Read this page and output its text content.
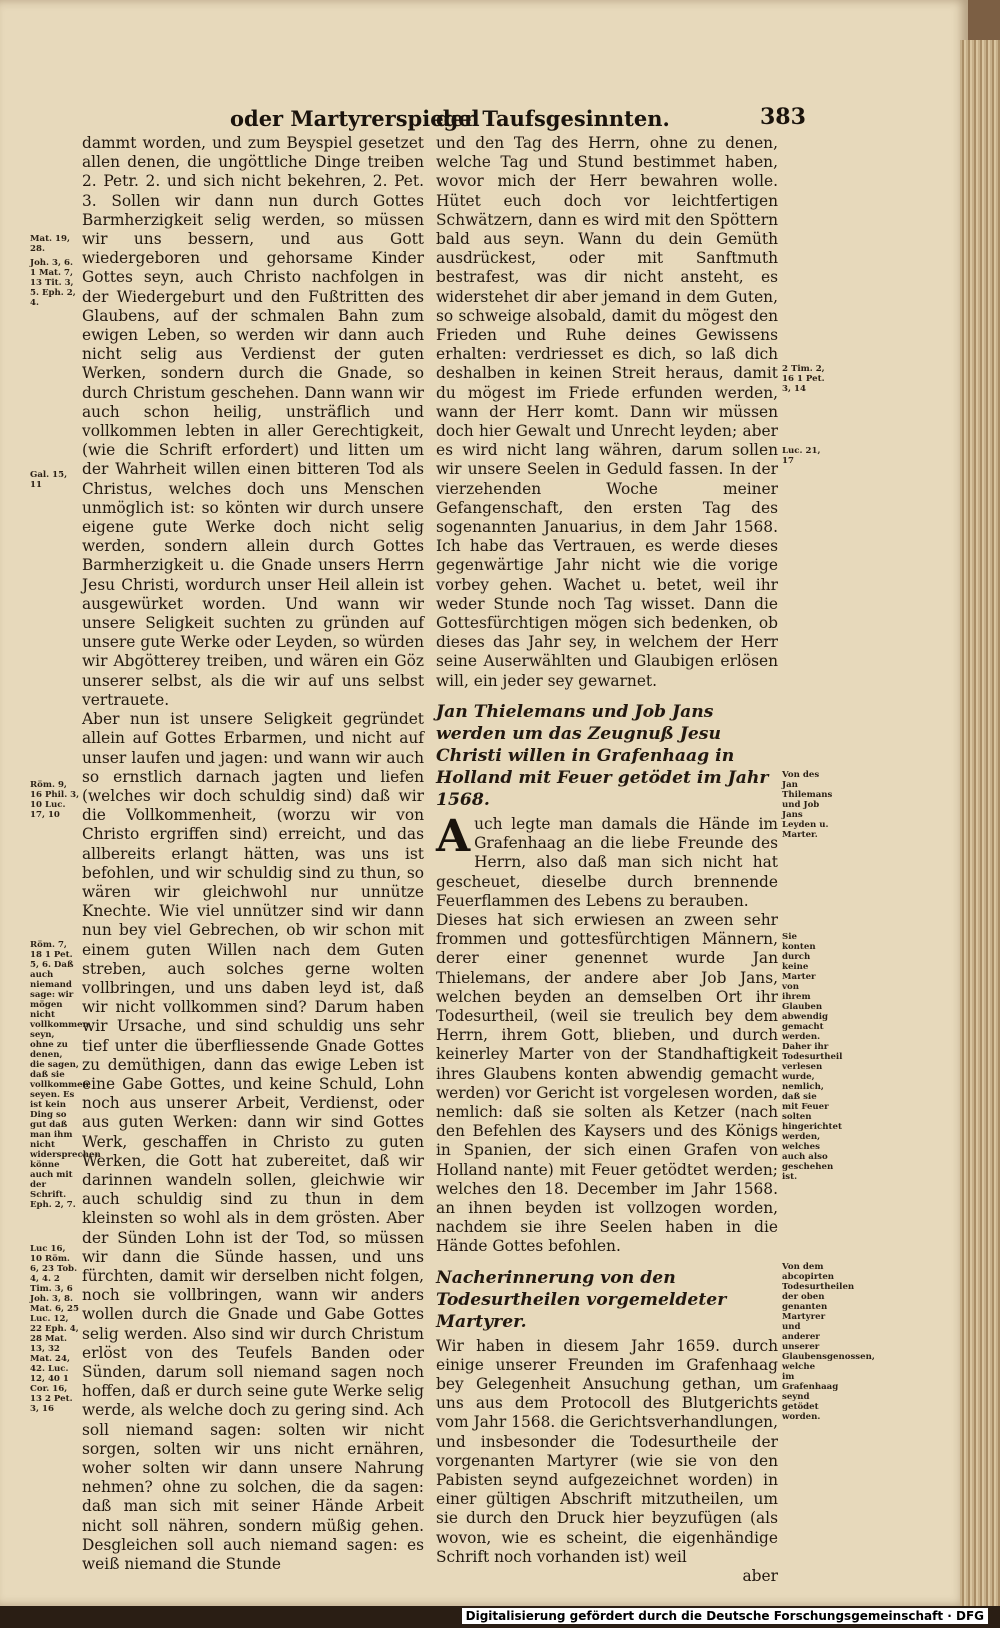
oder Martyrerspiegel
der Taufsgesinnten.	383

dammt worden, und zum Beyspiel gesetzet allen denen, die ungöttliche Dinge treiben 2. Petr. 2. und sich nicht bekehren, 2. Pet. 3. Sollen wir dann nun durch Gottes Barmherzigkeit selig werden, so müssen wir uns bessern, und aus Gott wiedergeboren und gehorsame Kinder Gottes seyn, auch Christo nachfolgen in der Wiedergeburt und den Fußtritten des Glaubens, auf der schmalen Bahn zum ewigen Leben, so werden wir dann auch nicht selig aus Verdienst der guten Werken, sondern durch die Gnade, so durch Christum geschehen. Dann wann wir auch schon heilig, unsträflich und vollkommen lebten in aller Gerechtigkeit, (wie die Schrift erfordert) und litten um der Wahrheit willen einen bitteren Tod als Christus, welches doch uns Menschen unmöglich ist: so könten wir durch unsere eigene gute Werke doch nicht selig werden, sondern allein durch Gottes Barmherzigkeit u. die Gnade unsers Herrn Jesu Christi, wordurch unser Heil allein ist ausgewürket worden. Und wann wir unsere Seligkeit suchten zu gründen auf unsere gute Werke oder Leyden, so würden wir Abgötterey treiben, und wären ein Göz unserer selbst, als die wir auf uns selbst vertrauete.

Aber nun ist unsere Seligkeit gegründet allein auf Gottes Erbarmen, und nicht auf unser laufen und jagen: und wann wir auch so ernstlich darnach jagten und liefen (welches wir doch schuldig sind) daß wir die Vollkommenheit, (worzu wir von Christo ergriffen sind) erreicht, und das allbereits erlangt hätten, was uns ist befohlen, und wir schuldig sind zu thun, so wären wir gleichwohl nur unnütze Knechte. Wie viel unnützer sind wir dann nun bey viel Gebrechen, ob wir schon mit einem guten Willen nach dem Guten streben, auch solches gerne wolten vollbringen, und uns daben leyd ist, daß wir nicht vollkommen sind? Darum haben wir Ursache, und sind schuldig uns sehr tief unter die überfliessende Gnade Gottes zu demüthigen, dann das ewige Leben ist eine Gabe Gottes, und keine Schuld, Lohn noch aus unserer Arbeit, Verdienst, oder aus guten Werken: dann wir sind Gottes Werk, geschaffen in Christo zu guten Werken, die Gott hat zubereitet, daß wir darinnen wandeln sollen, gleichwie wir auch schuldig sind zu thun in dem kleinsten so wohl als in dem grösten. Aber der Sünden Lohn ist der Tod, so müssen wir dann die Sünde hassen, und uns fürchten, damit wir derselben nicht folgen, noch sie vollbringen, wann wir anders wollen durch die Gnade und Gabe Gottes selig werden. Also sind wir durch Christum erlöst von des Teufels Banden oder Sünden, darum soll niemand sagen noch hoffen, daß er durch seine gute Werke selig werde, als welche doch zu gering sind. Ach soll niemand sagen: solten wir nicht sorgen, solten wir uns nicht ernähren, woher solten wir dann unsere Nahrung nehmen? ohne zu solchen, die da sagen: daß man sich mit seiner Hände Arbeit nicht soll nähren, sondern müßig gehen. Desgleichen soll auch niemand sagen: es weiß niemand die Stunde

und den Tag des Herrn, ohne zu denen, welche Tag und Stund bestimmet haben, wovor mich der Herr bewahren wolle. Hütet euch doch vor leichtfertigen Schwätzern, dann es wird mit den Spöttern bald aus seyn. Wann du dein Gemüth ausdrückest, oder mit Sanftmuth bestrafest, was dir nicht ansteht, es widerstehet dir aber jemand in dem Guten, so schweige alsobald, damit du mögest den Frieden und Ruhe deines Gewissens erhalten: verdriesset es dich, so laß dich deshalben in keinen Streit heraus, damit du mögest im Friede erfunden werden, wann der Herr komt. Dann wir müssen doch hier Gewalt und Unrecht leyden; aber es wird nicht lang währen, darum sollen wir unsere Seelen in Geduld fassen. In der vierzehenden Woche meiner Gefangenschaft, den ersten Tag des sogenannten Januarius, in dem Jahr 1568. Ich habe das Vertrauen, es werde dieses gegenwärtige Jahr nicht wie die vorige vorbey gehen. Wachet u. betet, weil ihr weder Stunde noch Tag wisset. Dann die Gottesfürchtigen mögen sich bedenken, ob dieses das Jahr sey, in welchem der Herr seine Auserwählten und Glaubigen erlösen will, ein jeder sey gewarnet.

Jan Thielemans und Job Jans werden um das Zeugnuß Jesu Christi willen in Grafenhaag in Holland mit Feuer getödet im Jahr 1568.

Auch legte man damals die Hände im Grafenhaag an die liebe Freunde des Herrn, also daß man sich nicht hat gescheuet, dieselbe durch brennende Feuerflammen des Lebens zu berauben.

Dieses hat sich erwiesen an zween sehr frommen und gottesfürchtigen Männern, derer einer genennet wurde Jan Thielemans, der andere aber Job Jans, welchen beyden an demselben Ort ihr Todesurtheil, (weil sie treulich bey dem Herrn, ihrem Gott, blieben, und durch keinerley Marter von der Standhaftigkeit ihres Glaubens konten abwendig gemacht werden) vor Gericht ist vorgelesen worden, nemlich: daß sie solten als Ketzer (nach den Befehlen des Kaysers und des Königs in Spanien, der sich einen Grafen von Holland nante) mit Feuer getödtet werden; welches den 18. December im Jahr 1568. an ihnen beyden ist vollzogen worden, nachdem sie ihre Seelen haben in die Hände Gottes befohlen.

Nacherinnerung von den Todesurtheilen vorgemeldeter Martyrer.

Wir haben in diesem Jahr 1659. durch einige unserer Freunden im Grafenhaag bey Gelegenheit Ansuchung gethan, um uns aus dem Protocoll des Blutgerichts vom Jahr 1568. die Gerichtsverhandlungen, und insbesonder die Todesurtheile der vorgenanten Martyrer (wie sie von den Pabisten seynd aufgezeichnet worden) in einer gültigen Abschrift mitzutheilen, um sie durch den Druck hier beyzufügen (als wovon, wie es scheint, die eigenhändige Schrift noch vorhanden ist) weil

aber

Mat. 19, 28.
Joh. 3, 6. 1 Mat. 7, 13 Tit. 3, 5. Eph. 2, 4.
Gal. 15, 11
Röm. 9, 16 Phil. 3, 10 Luc. 17, 10
Röm. 7, 18 1 Pet. 5, 6. Daß auch niemand sage: wir mögen nicht vollkommen seyn, ohne zu denen, die sagen, daß sie vollkommen seyen. Es ist kein Ding so gut daß man ihm nicht widersprechen könne auch mit der Schrift. Eph. 2, 7.
Luc 16, 10 Röm. 6, 23 Tob. 4, 4. 2 Tim. 3, 6 Joh. 3, 8. Mat. 6, 25 Luc. 12, 22 Eph. 4, 28 Mat. 13, 32 Mat. 24, 42. Luc. 12, 40 1 Cor. 16, 13 2 Pet. 3, 16
2 Tim. 2, 16 1 Pet. 3, 14
Luc. 21, 17
Von des Jan Thilemans und Job Jans Leyden u. Marter.
Sie konten durch keine Marter von ihrem Glauben abwendig gemacht werden. Daher ihr Todesurtheil verlesen wurde, nemlich, daß sie mit Feuer solten hingerichtet werden, welches auch also geschehen ist.
Von dem abcopirten Todesurtheilen der oben genanten Martyrer und anderer unserer Glaubensgenossen, welche im Grafenhaag seynd getödet worden.
Digitalisierung gefördert durch die Deutsche Forschungsgemeinschaft · DFG
